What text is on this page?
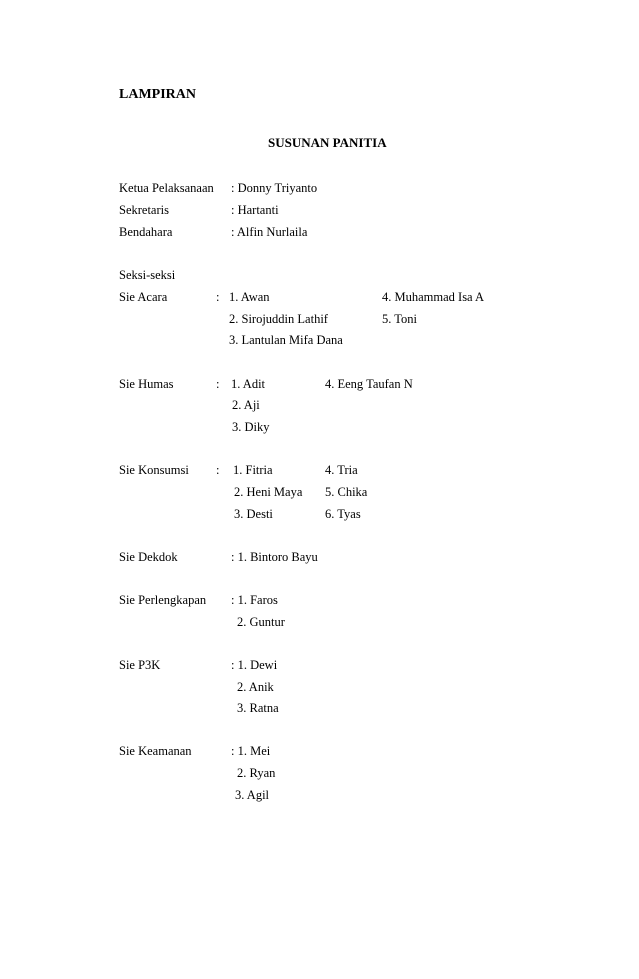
LAMPIRAN
SUSUNAN PANITIA
Ketua Pelaksanaan : Donny Triyanto
Sekretaris	: Hartanti
Bendahara	: Alfin Nurlaila
Seksi-seksi
Sie Acara	: 1. Awan
2. Sirojuddin Lathif
3. Lantulan Mifa Dana
4. Muhammad Isa A
5. Toni
Sie Humas	: 1. Adit
2. Aji
3. Diky
4. Eeng Taufan N
Sie Konsumsi : 1. Fitria
2. Heni Maya
3. Desti
4. Tria
5. Chika
6. Tyas
Sie Dekdok	: 1. Bintoro Bayu
Sie Perlengkapan : 1. Faros
2. Guntur
Sie P3K	: 1. Dewi
2. Anik
3. Ratna
Sie Keamanan	: 1. Mei
2. Ryan
3. Agil
